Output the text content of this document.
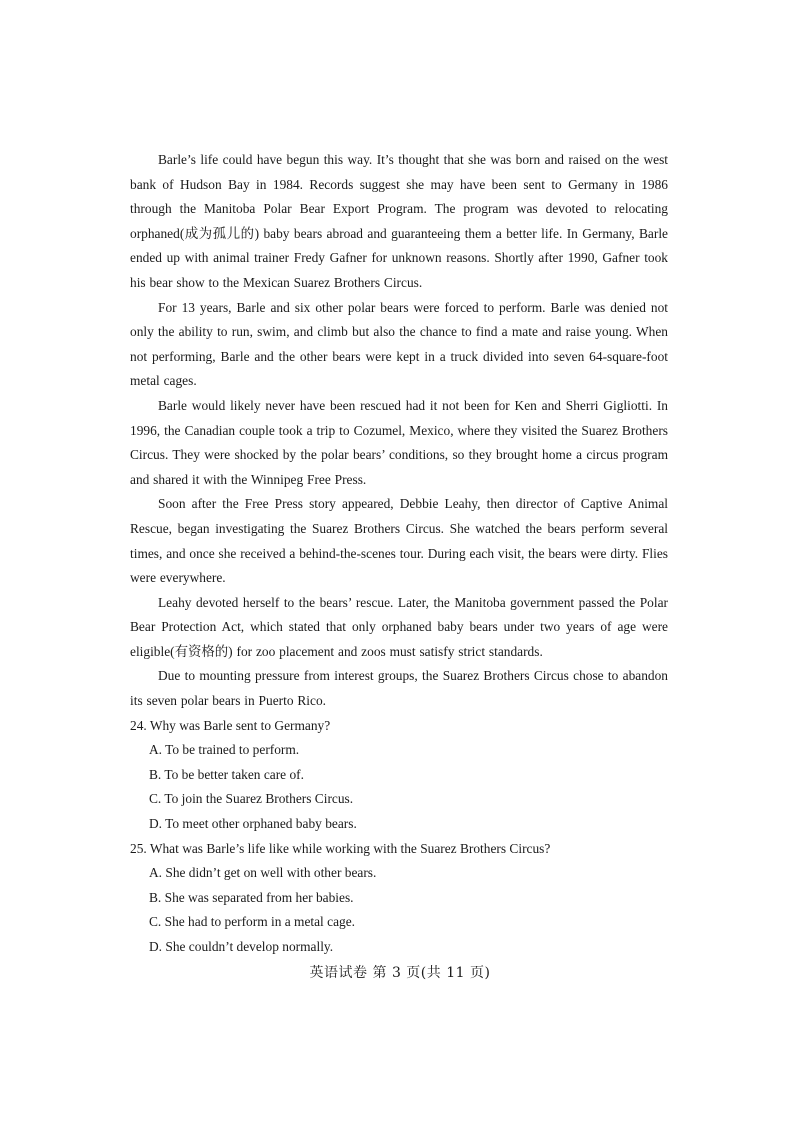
Barle’s life could have begun this way. It’s thought that she was born and raised on the west bank of Hudson Bay in 1984. Records suggest she may have been sent to Germany in 1986 through the Manitoba Polar Bear Export Program. The program was devoted to relocating orphaned(成为孤儿的) baby bears abroad and guaranteeing them a better life. In Germany, Barle ended up with animal trainer Fredy Gafner for unknown reasons. Shortly after 1990, Gafner took his bear show to the Mexican Suarez Brothers Circus.

For 13 years, Barle and six other polar bears were forced to perform. Barle was denied not only the ability to run, swim, and climb but also the chance to find a mate and raise young. When not performing, Barle and the other bears were kept in a truck divided into seven 64-square-foot metal cages.

Barle would likely never have been rescued had it not been for Ken and Sherri Gigliotti. In 1996, the Canadian couple took a trip to Cozumel, Mexico, where they visited the Suarez Brothers Circus. They were shocked by the polar bears’ conditions, so they brought home a circus program and shared it with the Winnipeg Free Press.

Soon after the Free Press story appeared, Debbie Leahy, then director of Captive Animal Rescue, began investigating the Suarez Brothers Circus. She watched the bears perform several times, and once she received a behind-the-scenes tour. During each visit, the bears were dirty. Flies were everywhere.

Leahy devoted herself to the bears’ rescue. Later, the Manitoba government passed the Polar Bear Protection Act, which stated that only orphaned baby bears under two years of age were eligible(有资格的) for zoo placement and zoos must satisfy strict standards.

Due to mounting pressure from interest groups, the Suarez Brothers Circus chose to abandon its seven polar bears in Puerto Rico.

24. Why was Barle sent to Germany?

A. To be trained to perform.

B. To be better taken care of.

C. To join the Suarez Brothers Circus.

D. To meet other orphaned baby bears.

25. What was Barle’s life like while working with the Suarez Brothers Circus?

A. She didn’t get on well with other bears.

B. She was separated from her babies.

C. She had to perform in a metal cage.

D. She couldn’t develop normally.

英语试卷 第 3 页(共 11 页)
